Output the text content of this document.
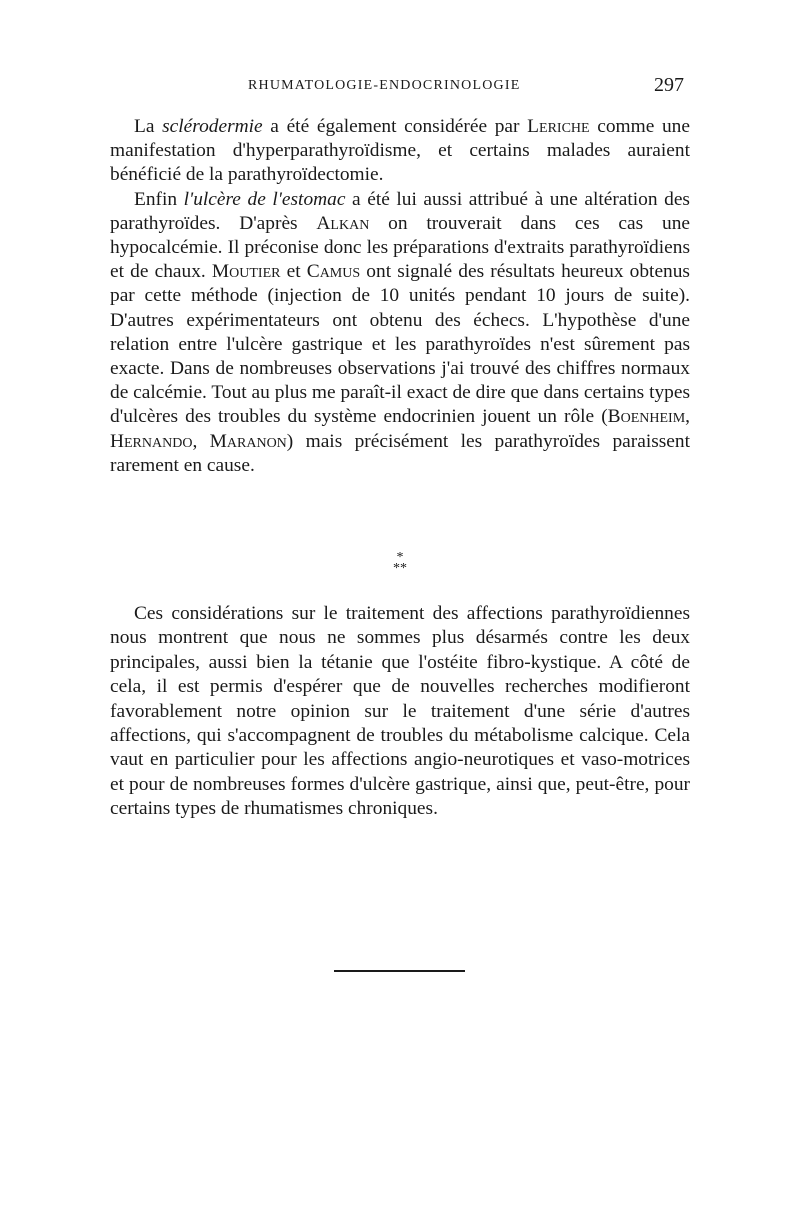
RHUMATOLOGIE-ENDOCRINOLOGIE	297

La sclérodermie a été également considérée par Leriche comme une manifestation d'hyperparathyroïdisme, et certains malades auraient bénéficié de la parathyroïdectomie.

Enfin l'ulcère de l'estomac a été lui aussi attribué à une altération des parathyroïdes. D'après Alkan on trouverait dans ces cas une hypocalcémie. Il préconise donc les préparations d'extraits parathyroïdiens et de chaux. Moutier et Camus ont signalé des résultats heureux obtenus par cette méthode (injection de 10 unités pendant 10 jours de suite). D'autres expérimentateurs ont obtenu des échecs. L'hypothèse d'une relation entre l'ulcère gastrique et les parathyroïdes n'est sûrement pas exacte. Dans de nombreuses observations j'ai trouvé des chiffres normaux de calcémie. Tout au plus me paraît-il exact de dire que dans certains types d'ulcères des troubles du système endocrinien jouent un rôle (Boenheim, Hernando, Maranon) mais précisément les parathyroïdes paraissent rarement en cause.

*
**

Ces considérations sur le traitement des affections parathyroïdiennes nous montrent que nous ne sommes plus désarmés contre les deux principales, aussi bien la tétanie que l'ostéite fibro-kystique. A côté de cela, il est permis d'espérer que de nouvelles recherches modifieront favorablement notre opinion sur le traitement d'une série d'autres affections, qui s'accompagnent de troubles du métabolisme calcique. Cela vaut en particulier pour les affections angio-neurotiques et vaso-motrices et pour de nombreuses formes d'ulcère gastrique, ainsi que, peut-être, pour certains types de rhumatismes chroniques.
